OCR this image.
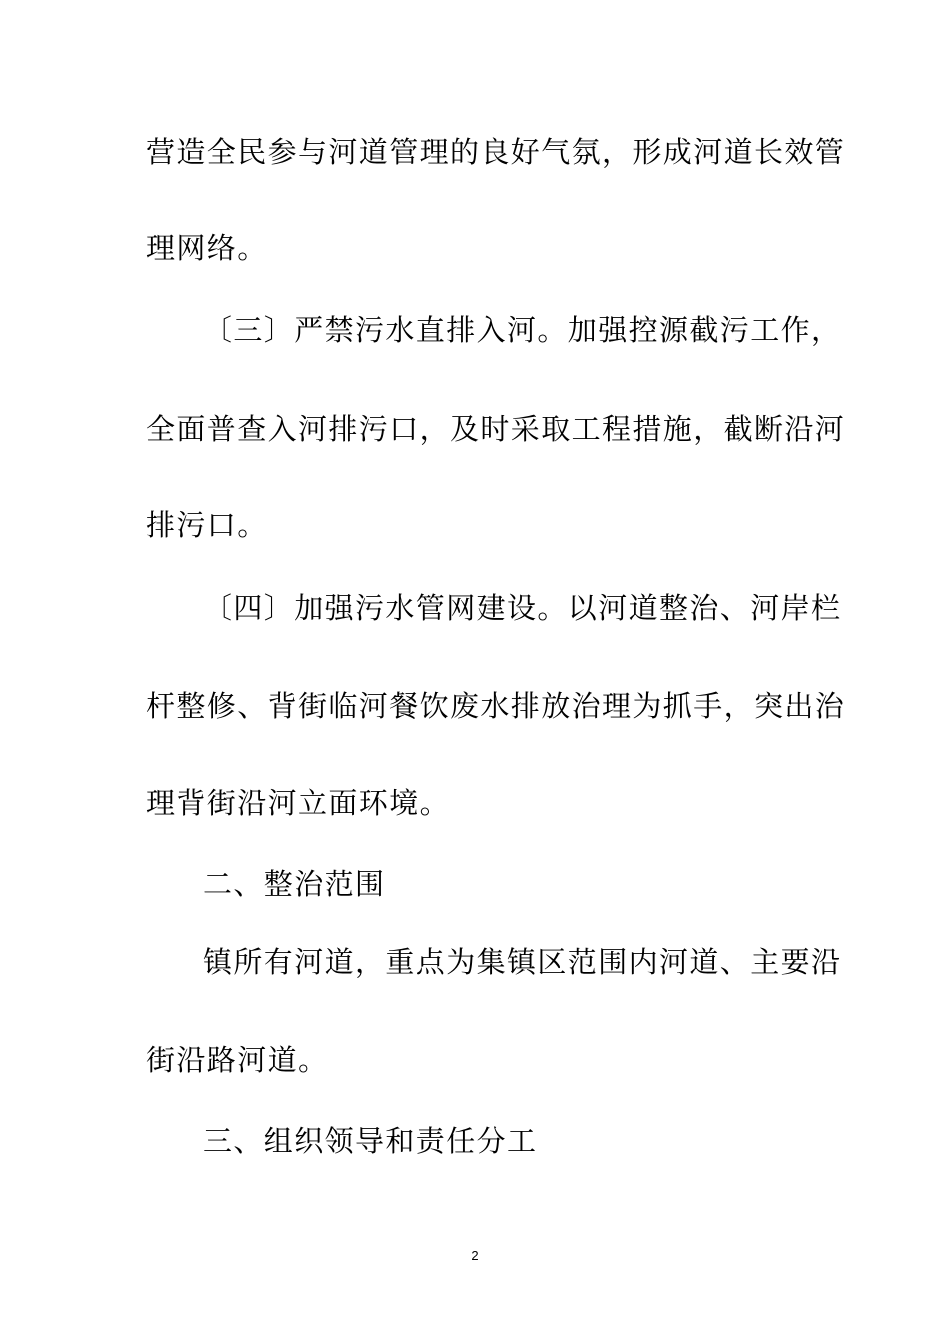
营造全民参与河道管理的良好气氛，形成河道长效管
理网络。
〔三〕严禁污水直排入河。加强控源截污工作，
全面普查入河排污口，及时采取工程措施，截断沿河
排污口。
〔四〕加强污水管网建设。以河道整治、河岸栏
杆整修、背街临河餐饮废水排放治理为抓手，突出治
理背街沿河立面环境。
二、整治范围
镇所有河道，重点为集镇区范围内河道、主要沿
街沿路河道。
三、组织领导和责任分工
2
